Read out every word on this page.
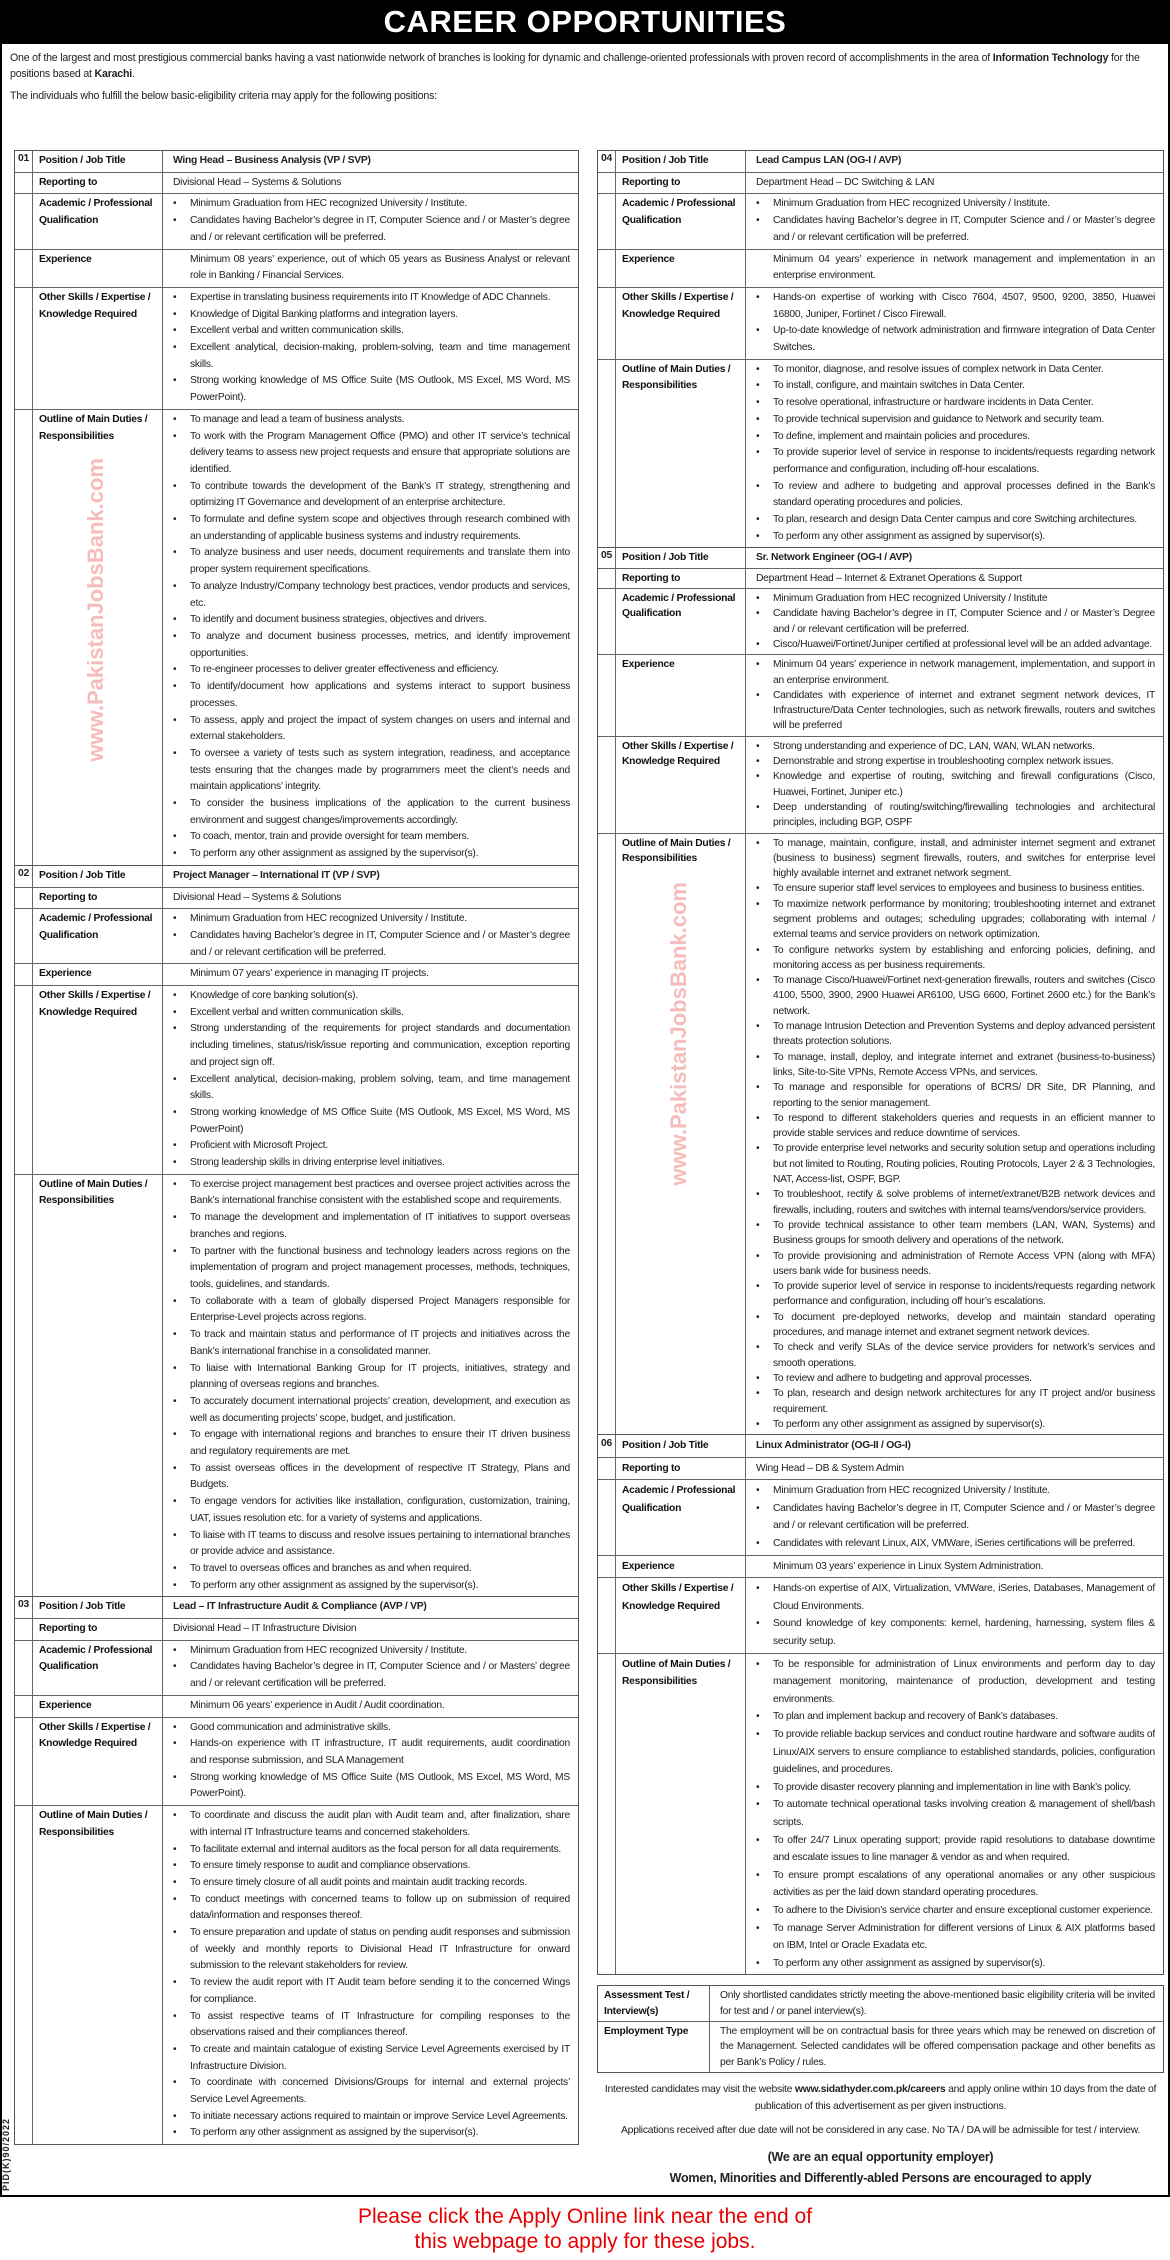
CAREER OPPORTUNITIES

One of the largest and most prestigious commercial banks having a vast nationwide network of branches is looking for dynamic and challenge-oriented professionals with proven record of accomplishments in the area of Information Technology for the positions based at Karachi.

The individuals who fulfill the below basic-eligibility criteria may apply for the following positions:

01 Position / Job Title	Wing Head – Business Analysis (VP / SVP)
Reporting to	Divisional Head – Systems & Solutions
Academic / Professional Qualification
• Minimum Graduation from HEC recognized University / Institute.
• Candidates having Bachelor’s degree in IT, Computer Science and / or Master’s degree and / or relevant certification will be preferred.
Experience	Minimum 08 years’ experience, out of which 05 years as Business Analyst or relevant role in Banking / Financial Services.
Other Skills / Expertise / Knowledge Required
• Expertise in translating business requirements into IT Knowledge of ADC Channels.
• Knowledge of Digital Banking platforms and integration layers.
• Excellent verbal and written communication skills.
• Excellent analytical, decision-making, problem-solving, team and time management skills.
• Strong working knowledge of MS Office Suite (MS Outlook, MS Excel, MS Word, MS PowerPoint).
Outline of Main Duties / Responsibilities
www.PakistanJobsBank.com
• To manage and lead a team of business analysts.
• To work with the Program Management Office (PMO) and other IT service’s technical delivery teams to assess new project requests and ensure that appropriate solutions are identified.
• To contribute towards the development of the Bank’s IT strategy, strengthening and optimizing IT Governance and development of an enterprise architecture.
• To formulate and define system scope and objectives through research combined with an understanding of applicable business systems and industry requirements.
• To analyze business and user needs, document requirements and translate them into proper system requirement specifications.
• To analyze Industry/Company technology best practices, vendor products and services, etc.
• To identify and document business strategies, objectives and drivers.
• To analyze and document business processes, metrics, and identify improvement opportunities.
• To re-engineer processes to deliver greater effectiveness and efficiency.
• To identify/document how applications and systems interact to support business processes.
• To assess, apply and project the impact of system changes on users and internal and external stakeholders.
• To oversee a variety of tests such as system integration, readiness, and acceptance tests ensuring that the changes made by programmers meet the client’s needs and maintain applications’ integrity.
• To consider the business implications of the application to the current business environment and suggest changes/improvements accordingly.
• To coach, mentor, train and provide oversight for team members.
• To perform any other assignment as assigned by the supervisor(s).
02 Position / Job Title	Project Manager – International IT (VP / SVP)
Reporting to	Divisional Head – Systems & Solutions
Academic / Professional Qualification
• Minimum Graduation from HEC recognized University / Institute.
• Candidates having Bachelor’s degree in IT, Computer Science and / or Master’s degree and / or relevant certification will be preferred.
Experience	Minimum 07 years’ experience in managing IT projects.
Other Skills / Expertise / Knowledge Required
• Knowledge of core banking solution(s).
• Excellent verbal and written communication skills.
• Strong understanding of the requirements for project standards and documentation including timelines, status/risk/issue reporting and communication, exception reporting and project sign off.
• Excellent analytical, decision-making, problem solving, team, and time management skills.
• Strong working knowledge of MS Office Suite (MS Outlook, MS Excel, MS Word, MS PowerPoint)
• Proficient with Microsoft Project.
• Strong leadership skills in driving enterprise level initiatives.
Outline of Main Duties / Responsibilities
• To exercise project management best practices and oversee project activities across the Bank’s international franchise consistent with the established scope and requirements.
• To manage the development and implementation of IT initiatives to support overseas branches and regions.
• To partner with the functional business and technology leaders across regions on the implementation of program and project management processes, methods, techniques, tools, guidelines, and standards.
• To collaborate with a team of globally dispersed Project Managers responsible for Enterprise-Level projects across regions.
• To track and maintain status and performance of IT projects and initiatives across the Bank’s international franchise in a consolidated manner.
• To liaise with International Banking Group for IT projects, initiatives, strategy and planning of overseas regions and branches.
• To accurately document international projects’ creation, development, and execution as well as documenting projects’ scope, budget, and justification.
• To engage with international regions and branches to ensure their IT driven business and regulatory requirements are met.
• To assist overseas offices in the development of respective IT Strategy, Plans and Budgets.
• To engage vendors for activities like installation, configuration, customization, training, UAT, issues resolution etc. for a variety of systems and applications.
• To liaise with IT teams to discuss and resolve issues pertaining to international branches or provide advice and assistance.
• To travel to overseas offices and branches as and when required.
• To perform any other assignment as assigned by the supervisor(s).
03 Position / Job Title	Lead – IT Infrastructure Audit & Compliance (AVP / VP)
Reporting to	Divisional Head – IT Infrastructure Division
Academic / Professional Qualification
• Minimum Graduation from HEC recognized University / Institute.
• Candidates having Bachelor’s degree in IT, Computer Science and / or Masters’ degree and / or relevant certification will be preferred.
Experience	Minimum 06 years’ experience in Audit / Audit coordination.
Other Skills / Expertise / Knowledge Required
• Good communication and administrative skills.
• Hands-on experience with IT infrastructure, IT audit requirements, audit coordination and response submission, and SLA Management
• Strong working knowledge of MS Office Suite (MS Outlook, MS Excel, MS Word, MS PowerPoint).
Outline of Main Duties / Responsibilities
• To coordinate and discuss the audit plan with Audit team and, after finalization, share with internal IT Infrastructure teams and concerned stakeholders.
• To facilitate external and internal auditors as the focal person for all data requirements.
• To ensure timely response to audit and compliance observations.
• To ensure timely closure of all audit points and maintain audit tracking records.
• To conduct meetings with concerned teams to follow up on submission of required data/information and responses thereof.
• To ensure preparation and update of status on pending audit responses and submission of weekly and monthly reports to Divisional Head IT Infrastructure for onward submission to the relevant stakeholders for review.
• To review the audit report with IT Audit team before sending it to the concerned Wings for compliance.
• To assist respective teams of IT Infrastructure for compiling responses to the observations raised and their compliances thereof.
• To create and maintain catalogue of existing Service Level Agreements exercised by IT Infrastructure Division.
• To coordinate with concerned Divisions/Groups for internal and external projects’ Service Level Agreements.
• To initiate necessary actions required to maintain or improve Service Level Agreements.
• To perform any other assignment as assigned by the supervisor(s).
04 Position / Job Title	Lead Campus LAN (OG-I / AVP)
Reporting to	Department Head – DC Switching & LAN
Academic / Professional Qualification
• Minimum Graduation from HEC recognized University / Institute.
• Candidates having Bachelor’s degree in IT, Computer Science and / or Master’s degree and / or relevant certification will be preferred.
Experience	Minimum 04 years’ experience in network management and implementation in an enterprise environment.
Other Skills / Expertise / Knowledge Required
• Hands-on expertise of working with Cisco 7604, 4507, 9500, 9200, 3850, Huawei 16800, Juniper, Fortinet / Cisco Firewall.
• Up-to-date knowledge of network administration and firmware integration of Data Center Switches.
Outline of Main Duties / Responsibilities
• To monitor, diagnose, and resolve issues of complex network in Data Center.
• To install, configure, and maintain switches in Data Center.
• To resolve operational, infrastructure or hardware incidents in Data Center.
• To provide technical supervision and guidance to Network and security team.
• To define, implement and maintain policies and procedures.
• To provide superior level of service in response to incidents/requests regarding network performance and configuration, including off-hour escalations.
• To review and adhere to budgeting and approval processes defined in the Bank’s standard operating procedures and policies.
• To plan, research and design Data Center campus and core Switching architectures.
• To perform any other assignment as assigned by supervisor(s).
05 Position / Job Title	Sr. Network Engineer (OG-I / AVP)
Reporting to	Department Head – Internet & Extranet Operations & Support
Academic / Professional Qualification
• Minimum Graduation from HEC recognized University / Institute
• Candidate having Bachelor’s degree in IT, Computer Science and / or Master’s Degree and / or relevant certification will be preferred.
• Cisco/Huawei/Fortinet/Juniper certified at professional level will be an added advantage.
Experience	• Minimum 04 years’ experience in network management, implementation, and support in an enterprise environment.
• Candidates with experience of internet and extranet segment network devices, IT Infrastructure/Data Center technologies, such as network firewalls, routers and switches will be preferred
Other Skills / Expertise / Knowledge Required
• Strong understanding and experience of DC, LAN, WAN, WLAN networks.
• Demonstrable and strong expertise in troubleshooting complex network issues.
• Knowledge and expertise of routing, switching and firewall configurations (Cisco, Huawei, Fortinet, Juniper etc.)
• Deep understanding of routing/switching/firewalling technologies and architectural principles, including BGP, OSPF
Outline of Main Duties / Responsibilities
www.PakistanJobsBank.com
• To manage, maintain, configure, install, and administer internet segment and extranet (business to business) segment firewalls, routers, and switches for enterprise level highly available internet and extranet network segment.
• To ensure superior staff level services to employees and business to business entities.
• To maximize network performance by monitoring; troubleshooting internet and extranet segment problems and outages; scheduling upgrades; collaborating with internal / external teams and service providers on network optimization.
• To configure networks system by establishing and enforcing policies, defining, and monitoring access as per business requirements.
• To manage Cisco/Huawei/Fortinet next-generation firewalls, routers and switches (Cisco 4100, 5500, 3900, 2900 Huawei AR6100, USG 6600, Fortinet 2600 etc.) for the Bank’s network.
• To manage Intrusion Detection and Prevention Systems and deploy advanced persistent threats protection solutions.
• To manage, install, deploy, and integrate internet and extranet (business-to-business) links, Site-to-Site VPNs, Remote Access VPNs, and services.
• To manage and responsible for operations of BCRS/ DR Site, DR Planning, and reporting to the senior management.
• To respond to different stakeholders queries and requests in an efficient manner to provide stable services and reduce downtime of services.
• To provide enterprise level networks and security solution setup and operations including but not limited to Routing, Routing policies, Routing Protocols, Layer 2 & 3 Technologies, NAT, Access-list, OSPF, BGP.
• To troubleshoot, rectify & solve problems of internet/extranet/B2B network devices and firewalls, including, routers and switches with internal teams/vendors/service providers.
• To provide technical assistance to other team members (LAN, WAN, Systems) and Business groups for smooth delivery and operations of the network.
• To provide provisioning and administration of Remote Access VPN (along with MFA) users bank wide for business needs.
• To provide superior level of service in response to incidents/requests regarding network performance and configuration, including off hour’s escalations.
• To document pre-deployed networks, develop and maintain standard operating procedures, and manage internet and extranet segment network devices.
• To check and verify SLAs of the device service providers for network’s services and smooth operations.
• To review and adhere to budgeting and approval processes.
• To plan, research and design network architectures for any IT project and/or business requirement.
• To perform any other assignment as assigned by supervisor(s).
06 Position / Job Title	Linux Administrator (OG-II / OG-I)
Reporting to	Wing Head – DB & System Admin
Academic / Professional Qualification
• Minimum Graduation from HEC recognized University / Institute.
• Candidates having Bachelor’s degree in IT, Computer Science and / or Master’s degree and / or relevant certification will be preferred.
• Candidates with relevant Linux, AIX, VMWare, iSeries certifications will be preferred.
Experience	Minimum 03 years’ experience in Linux System Administration.
Other Skills / Expertise / Knowledge Required
• Hands-on expertise of AIX, Virtualization, VMWare, iSeries, Databases, Management of Cloud Environments.
• Sound knowledge of key components: kernel, hardening, harnessing, system files & security setup.
Outline of Main Duties / Responsibilities
• To be responsible for administration of Linux environments and perform day to day management monitoring, maintenance of production, development and testing environments.
• To plan and implement backup and recovery of Bank’s databases.
• To provide reliable backup services and conduct routine hardware and software audits of Linux/AIX servers to ensure compliance to established standards, policies, configuration guidelines, and procedures.
• To provide disaster recovery planning and implementation in line with Bank’s policy.
• To automate technical operational tasks involving creation & management of shell/bash scripts.
• To offer 24/7 Linux operating support; provide rapid resolutions to database downtime and escalate issues to line manager & vendor as and when required.
• To ensure prompt escalations of any operational anomalies or any other suspicious activities as per the laid down standard operating procedures.
• To adhere to the Division’s service charter and ensure exceptional customer experience.
• To manage Server Administration for different versions of Linux & AIX platforms based on IBM, Intel or Oracle Exadata etc.
• To perform any other assignment as assigned by supervisor(s).
Assessment Test / Interview(s)
Only shortlisted candidates strictly meeting the above-mentioned basic eligibility criteria will be invited for test and / or panel interview(s).
Employment Type	The employment will be on contractual basis for three years which may be renewed on discretion of the Management. Selected candidates will be offered compensation package and other benefits as per Bank’s Policy / rules.

Interested candidates may visit the website www.sidathyder.com.pk/careers and apply online within 10 days from the date of publication of this advertisement as per given instructions.

Applications received after due date will not be considered in any case. No TA / DA will be admissible for test / interview.

(We are an equal opportunity employer)

Women, Minorities and Differently-abled Persons are encouraged to apply

PID(K)90/2022
Please click the Apply Online link near the end of
this webpage to apply for these jobs.
